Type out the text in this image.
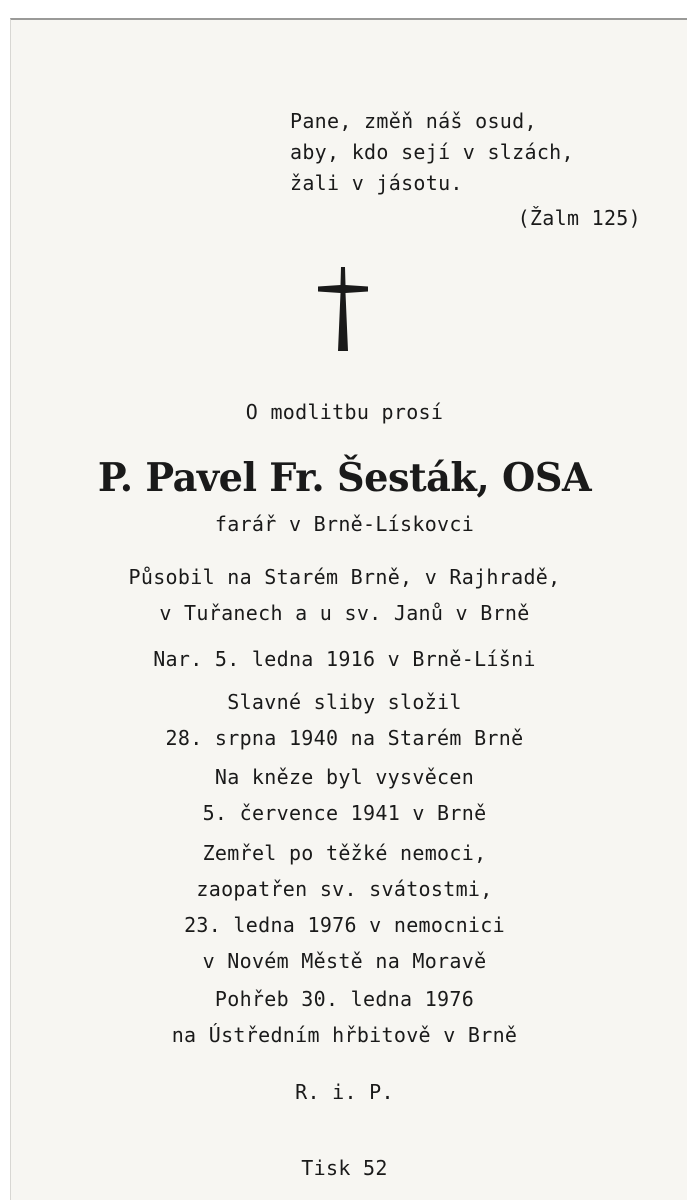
Pane, změň náš osud,
aby, kdo sejí v slzách,
žali v jásotu.
(Žalm 125)
O modlitbu prosí
P. Pavel Fr. Šesták, OSA
farář v Brně-Lískovci
Působil na Starém Brně, v Rajhradě,
v Tuřanech a u sv. Janů v Brně
Nar. 5. ledna 1916 v Brně-Líšni
Slavné sliby složil
28. srpna 1940 na Starém Brně
Na kněze byl vysvěcen
5. července 1941 v Brně
Zemřel po těžké nemoci,
zaopatřen sv. svátostmi,
23. ledna 1976 v nemocnici
v Novém Městě na Moravě
Pohřeb 30. ledna 1976
na Ústředním hřbitově v Brně
R. i. P.
Tisk 52
